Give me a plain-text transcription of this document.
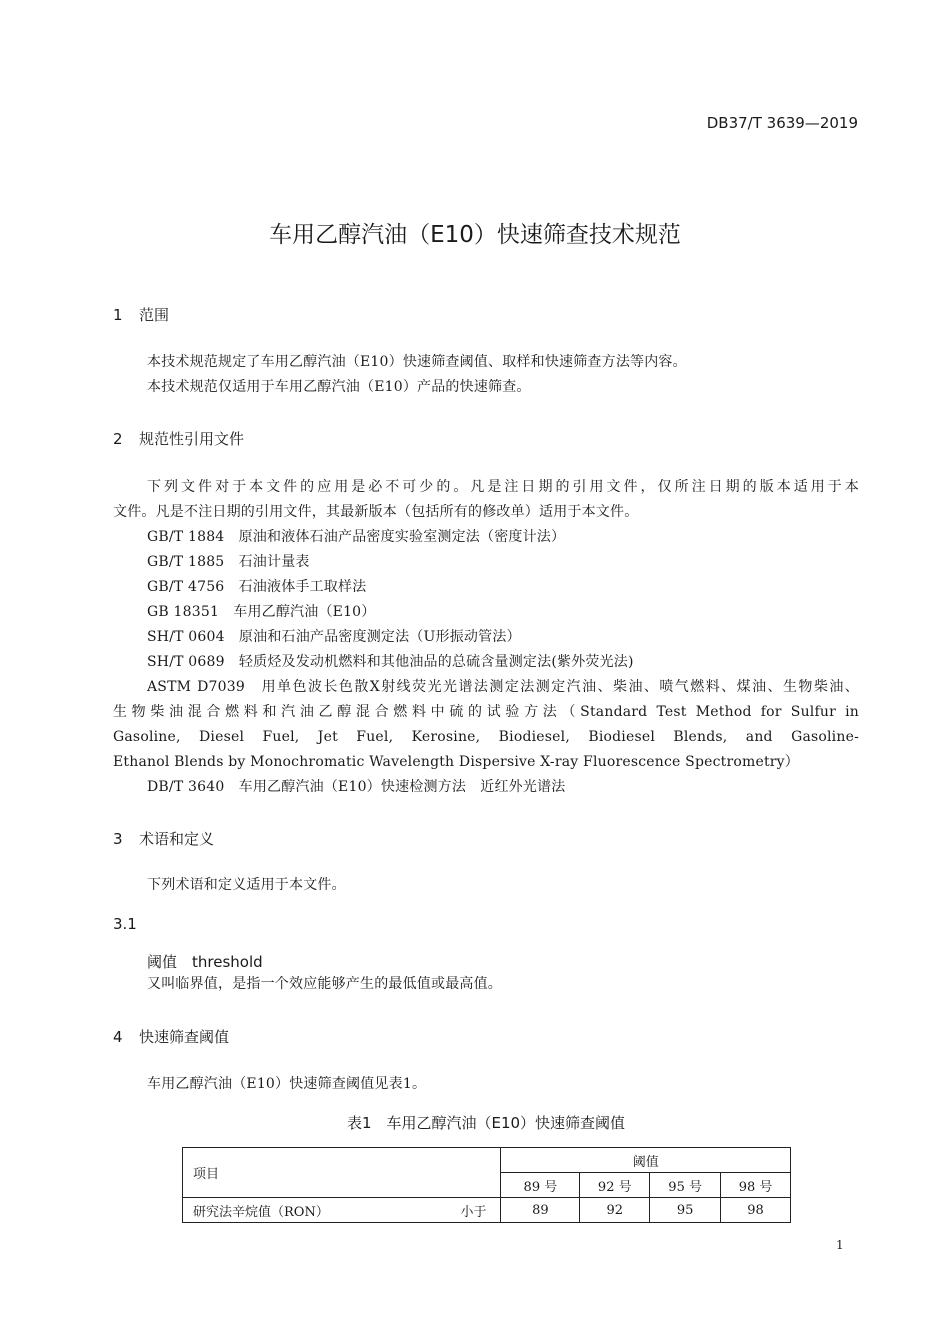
DB37/T 3639—2019
车用乙醇汽油（E10）快速筛查技术规范
1 范围
本技术规范规定了车用乙醇汽油（E10）快速筛查阈值、取样和快速筛查方法等内容。
本技术规范仅适用于车用乙醇汽油（E10）产品的快速筛查。
2 规范性引用文件
下列文件对于本文件的应用是必不可少的。凡是注日期的引用文件，仅所注日期的版本适用于本
文件。凡是不注日期的引用文件，其最新版本（包括所有的修改单）适用于本文件。
GB/T 1884　原油和液体石油产品密度实验室测定法（密度计法）
GB/T 1885　石油计量表
GB/T 4756　石油液体手工取样法
GB 18351　车用乙醇汽油（E10）
SH/T 0604　原油和石油产品密度测定法（U形振动管法）
SH/T 0689　轻质烃及发动机燃料和其他油品的总硫含量测定法(紫外荧光法)
ASTM D7039　用单色波长色散X射线荧光光谱法测定法测定汽油、柴油、喷气燃料、煤油、生物柴油、
生物柴油混合燃料和汽油乙醇混合燃料中硫的试验方法（Standard Test Method for Sulfur in
Gasoline, Diesel Fuel, Jet Fuel, Kerosine, Biodiesel, Biodiesel Blends, and Gasoline-
Ethanol Blends by Monochromatic Wavelength Dispersive X-ray Fluorescence Spectrometry）
DB/T 3640　车用乙醇汽油（E10）快速检测方法　近红外光谱法
3 术语和定义
下列术语和定义适用于本文件。
3.1
阈值　threshold
又叫临界值，是指一个效应能够产生的最低值或最高值。
4 快速筛查阈值
车用乙醇汽油（E10）快速筛查阈值见表1。
表1　车用乙醇汽油（E10）快速筛查阈值
项目	阈值			
	89 号	92 号	95 号	98 号
研究法辛烷值（RON） 小于	89	92	95	98
1
